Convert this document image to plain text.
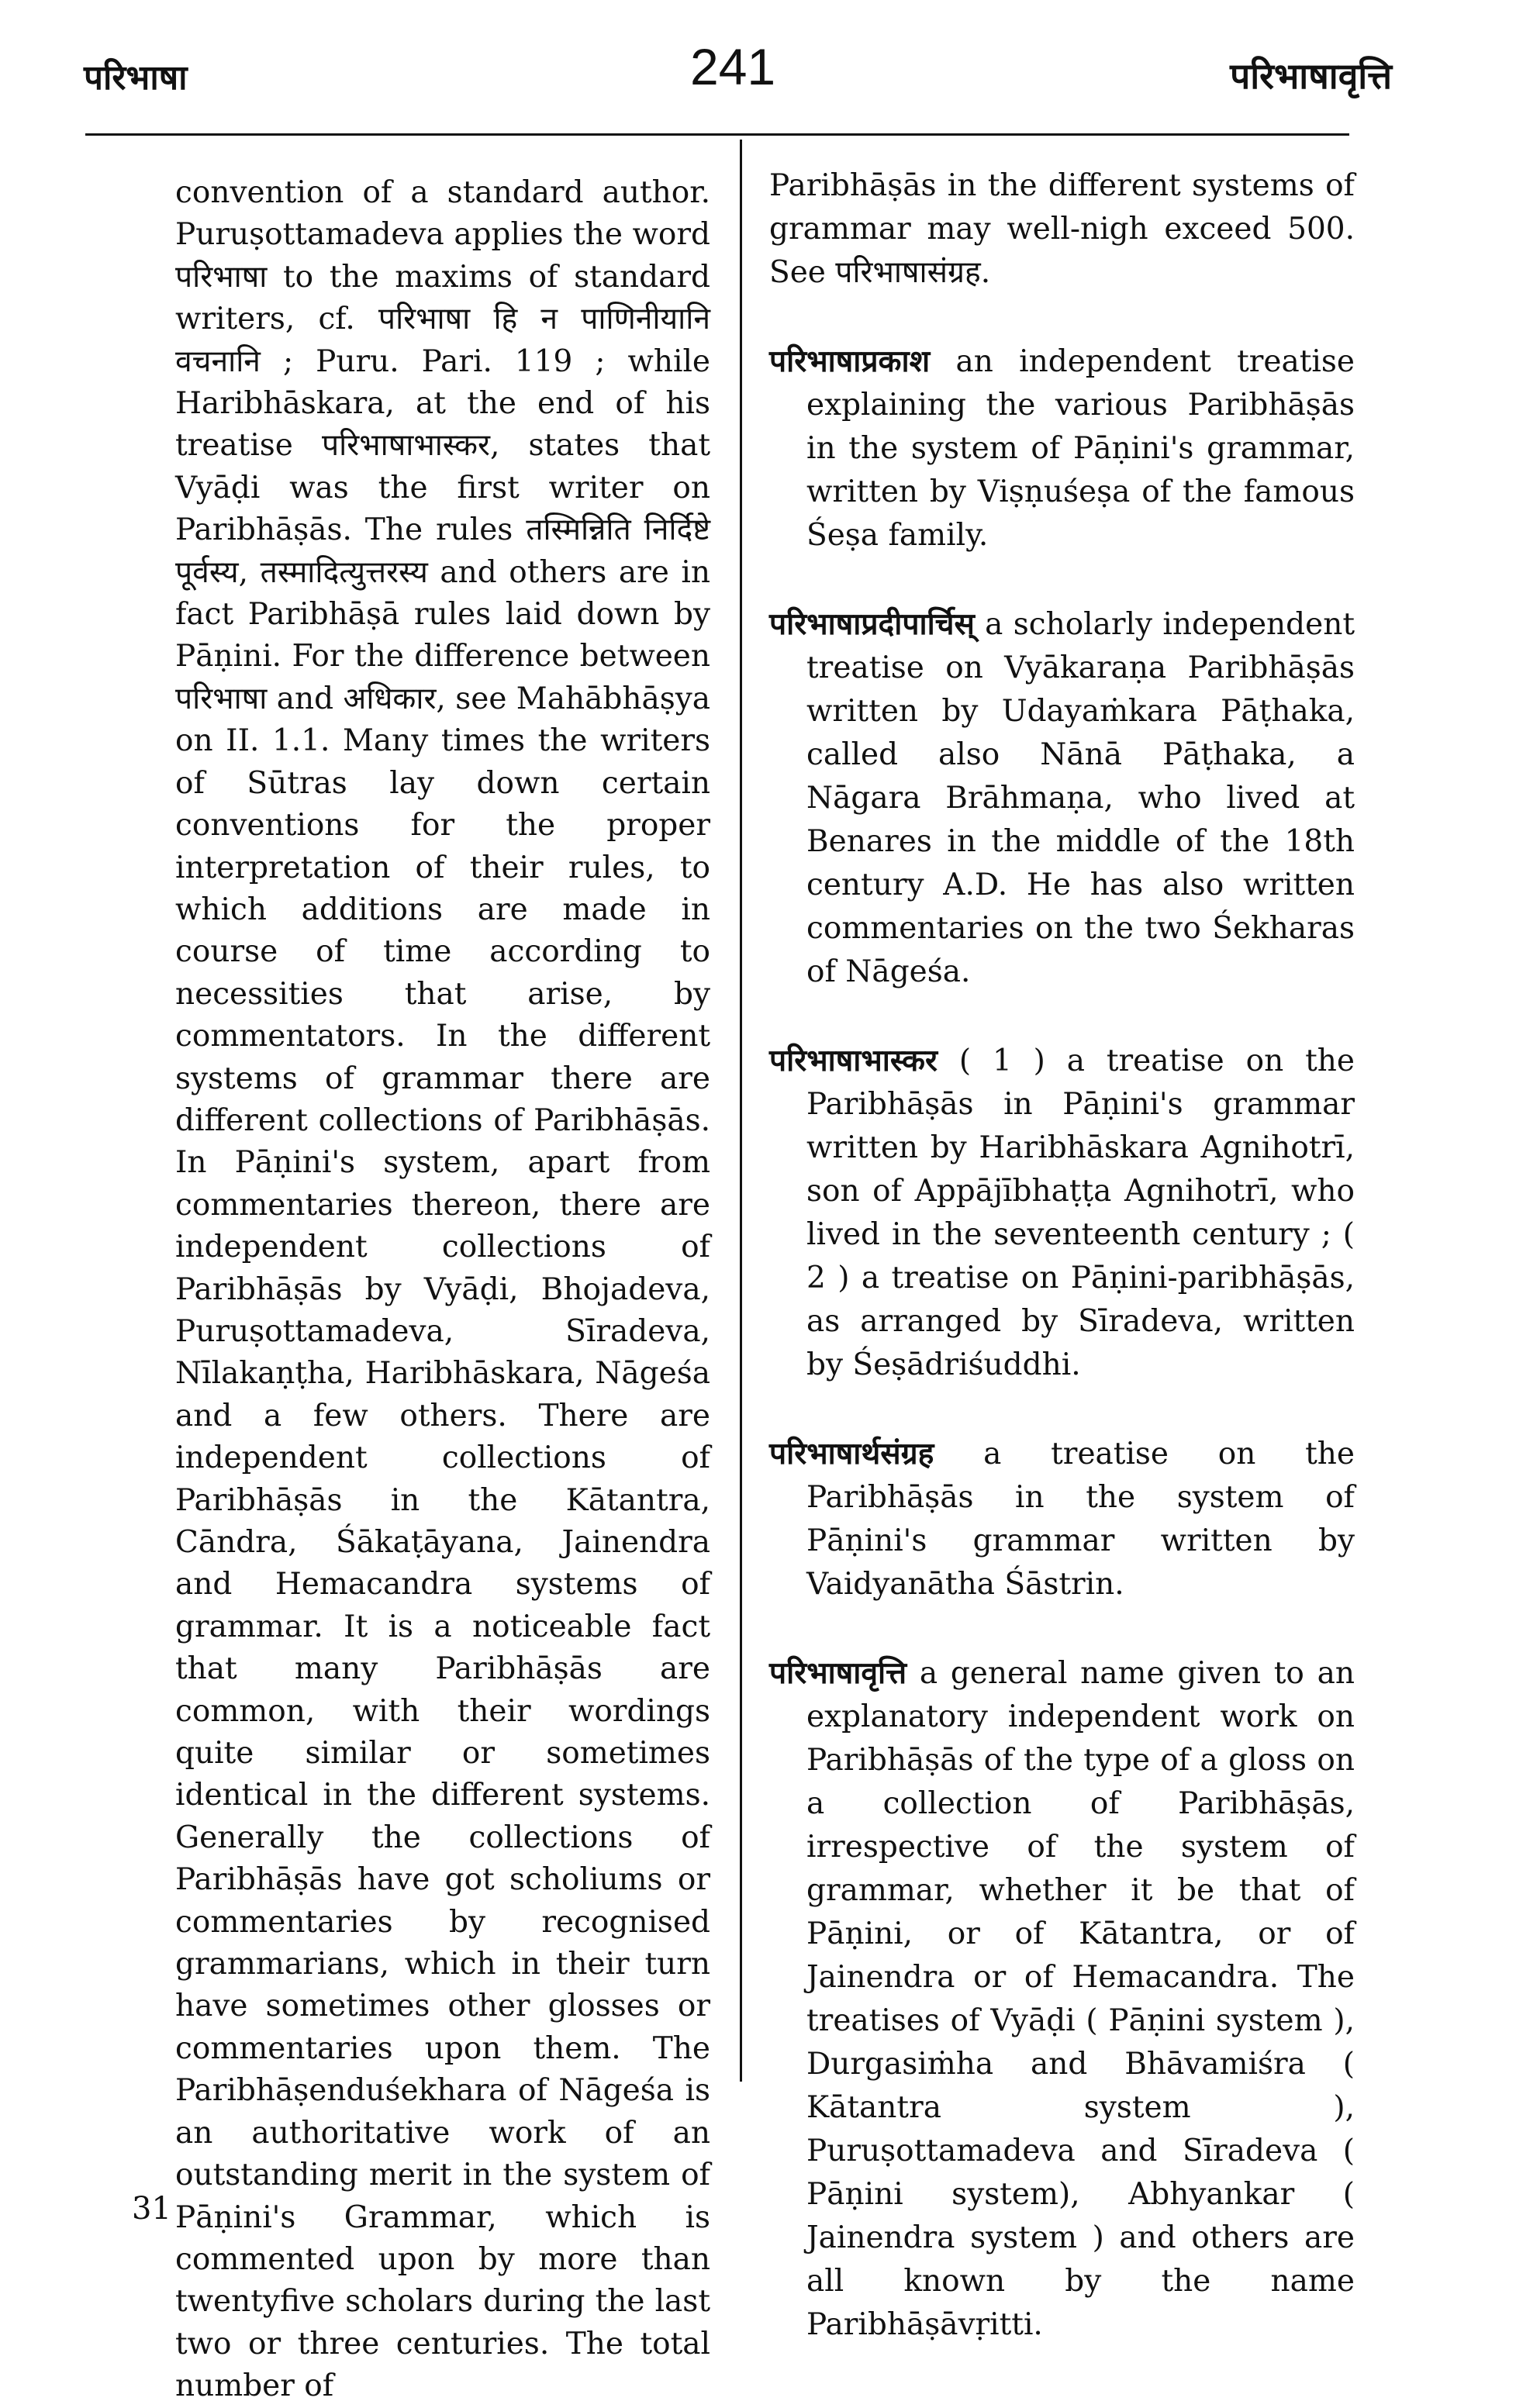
परिभाषा	241	परिभाषावृत्ति

convention of a standard author. Puruṣottamadeva applies the word परिभाषा to the maxims of standard writers, cf. परिभाषा हि न पाणिनीयानि वचनानि ; Puru. Pari. 119 ; while Haribhāskara, at the end of his treatise परिभाषाभास्कर, states that Vyāḍi was the first writer on Paribhāṣās. The rules तस्मिन्निति निर्दिष्टे पूर्वस्य, तस्मादित्युत्तरस्य and others are in fact Paribhāṣā rules laid down by Pāṇini. For the difference between परिभाषा and अधिकार, see Mahābhāṣya on II. 1.1. Many times the writers of Sūtras lay down certain conventions for the proper interpretation of their rules, to which additions are made in course of time according to necessities that arise, by commentators. In the different systems of grammar there are different collections of Paribhāṣās. In Pāṇini's system, apart from commentaries thereon, there are independent collections of Paribhāṣās by Vyāḍi, Bhojadeva, Puruṣottamadeva, Sīradeva, Nīlakaṇṭha, Haribhāskara, Nāgeśa and a few others. There are independent collections of Paribhāṣās in the Kātantra, Cāndra, Śākaṭāyana, Jainendra and Hemacandra systems of grammar. It is a noticeable fact that many Paribhāṣās are common, with their wordings quite similar or sometimes identical in the different systems. Generally the collections of Paribhāṣās have got scholiums or commentaries by recognised grammarians, which in their turn have sometimes other glosses or commentaries upon them. The Paribhāṣenduśekhara of Nāgeśa is an authoritative work of an outstanding merit in the system of Pāṇini's Grammar, which is commented upon by more than twentyfive scholars during the last two or three centuries. The total number of

Paribhāṣās in the different systems of grammar may well-nigh exceed 500. See परिभाषासंग्रह.

परिभाषाप्रकाश an independent treatise explaining the various Paribhāṣās in the system of Pāṇini's grammar, written by Viṣṇuśeṣa of the famous Śeṣa family.

परिभाषाप्रदीपार्चिस् a scholarly independent treatise on Vyākaraṇa Paribhāṣās written by Udayaṁkara Pāṭhaka, called also Nānā Pāṭhaka, a Nāgara Brāhmaṇa, who lived at Benares in the middle of the 18th century A.D. He has also written commentaries on the two Śekharas of Nāgeśa.

परिभाषाभास्कर ( 1 ) a treatise on the Paribhāṣās in Pāṇini's grammar written by Haribhāskara Agnihotrī, son of Appājībhaṭṭa Agnihotrī, who lived in the seventeenth century ; ( 2 ) a treatise on Pāṇini-paribhāṣās, as arranged by Sīradeva, written by Śeṣādriśuddhi.

परिभाषार्थसंग्रह a treatise on the Paribhāṣās in the system of Pāṇini's grammar written by Vaidyanātha Śāstrin.

परिभाषावृत्ति a general name given to an explanatory independent work on Paribhāṣās of the type of a gloss on a collection of Paribhāṣās, irrespective of the system of grammar, whether it be that of Pāṇini, or of Kātantra, or of Jainendra or of Hemacandra. The treatises of Vyāḍi ( Pāṇini system ), Durgasiṁha and Bhāvamiśra ( Kātantra system ), Puruṣottamadeva and Sīradeva ( Pāṇini system), Abhyankar ( Jainendra system ) and others are all known by the name Paribhāṣāvṛitti.

31
